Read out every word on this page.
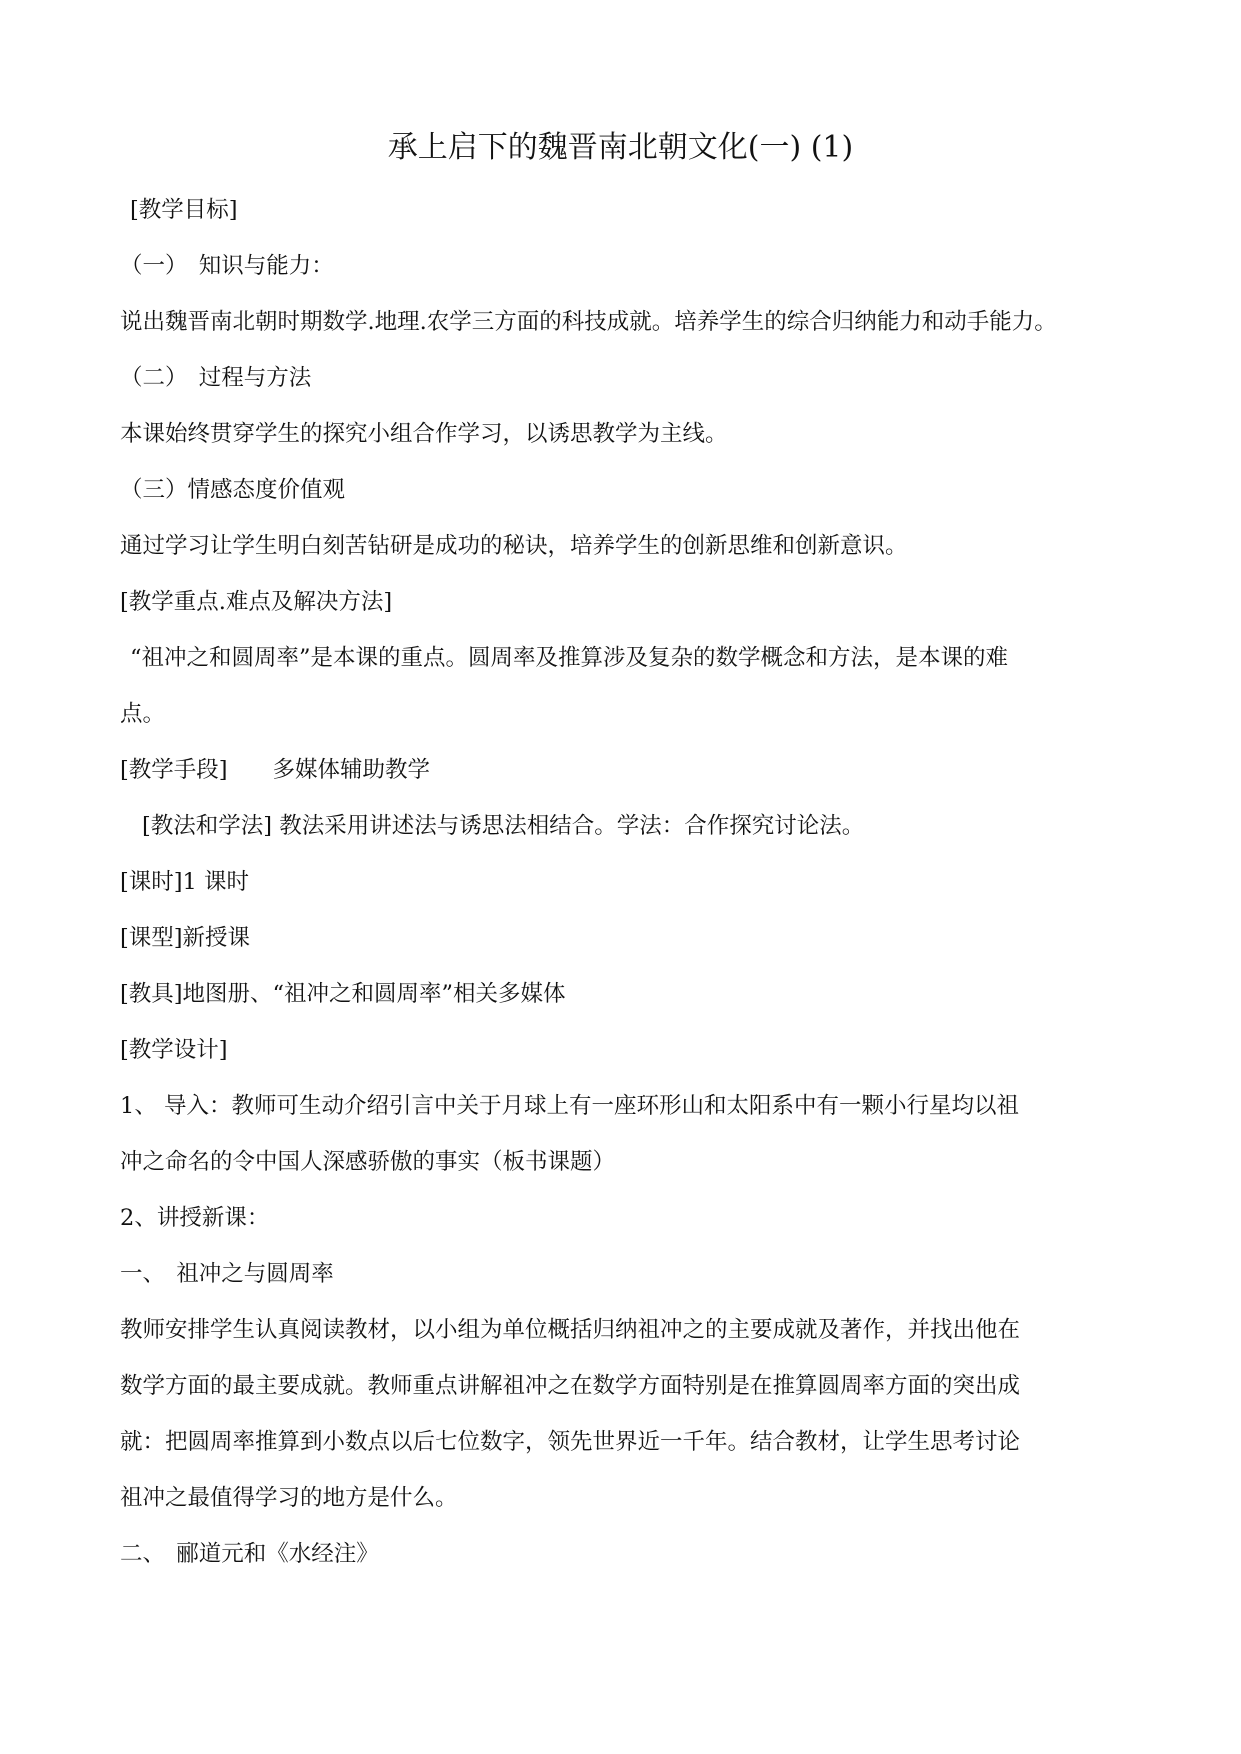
承上启下的魏晋南北朝文化(一) (1)
[教学目标]
（一）　知识与能力：
说出魏晋南北朝时期数学.地理.农学三方面的科技成就。培养学生的综合归纳能力和动手能力。
（二）　过程与方法
本课始终贯穿学生的探究小组合作学习，以诱思教学为主线。
（三）情感态度价值观
通过学习让学生明白刻苦钻研是成功的秘诀，培养学生的创新思维和创新意识。
[教学重点.难点及解决方法]
“祖冲之和圆周率”是本课的重点。圆周率及推算涉及复杂的数学概念和方法，是本课的难
点。
[教学手段]　　多媒体辅助教学
[教法和学法] 教法采用讲述法与诱思法相结合。学法：合作探究讨论法。
[课时]1 课时
[课型]新授课
[教具]地图册、“祖冲之和圆周率”相关多媒体
[教学设计]
1、 导入：教师可生动介绍引言中关于月球上有一座环形山和太阳系中有一颗小行星均以祖
冲之命名的令中国人深感骄傲的事实（板书课题）
2、讲授新课：
一、　祖冲之与圆周率
教师安排学生认真阅读教材，以小组为单位概括归纳祖冲之的主要成就及著作，并找出他在
数学方面的最主要成就。教师重点讲解祖冲之在数学方面特别是在推算圆周率方面的突出成
就：把圆周率推算到小数点以后七位数字，领先世界近一千年。结合教材，让学生思考讨论
祖冲之最值得学习的地方是什么。
二、　郦道元和《水经注》
